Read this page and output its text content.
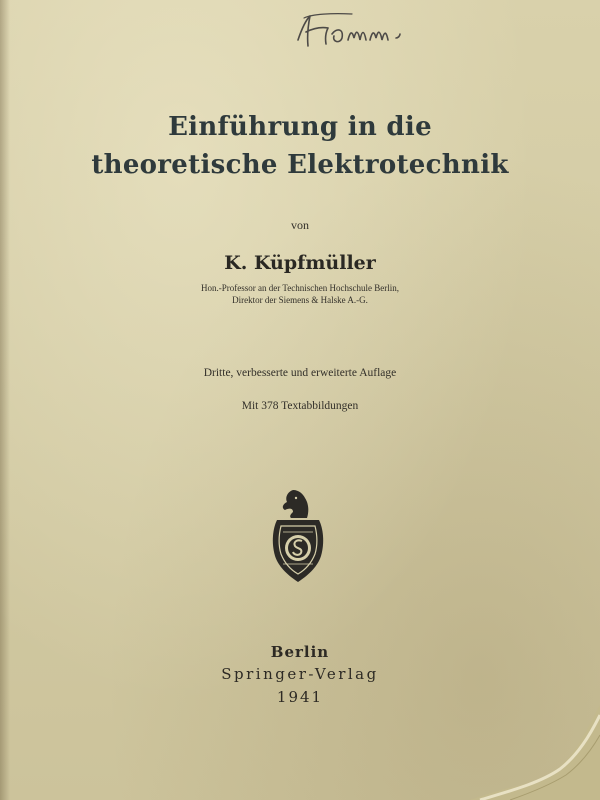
Einführung in die
theoretische Elektrotechnik
von
K. Küpfmüller
Hon.-Professor an der Technischen Hochschule Berlin,
Direktor der Siemens & Halske A.-G.
Dritte, verbesserte und erweiterte Auflage
Mit 378 Textabbildungen
Berlin
Springer-Verlag
1941
